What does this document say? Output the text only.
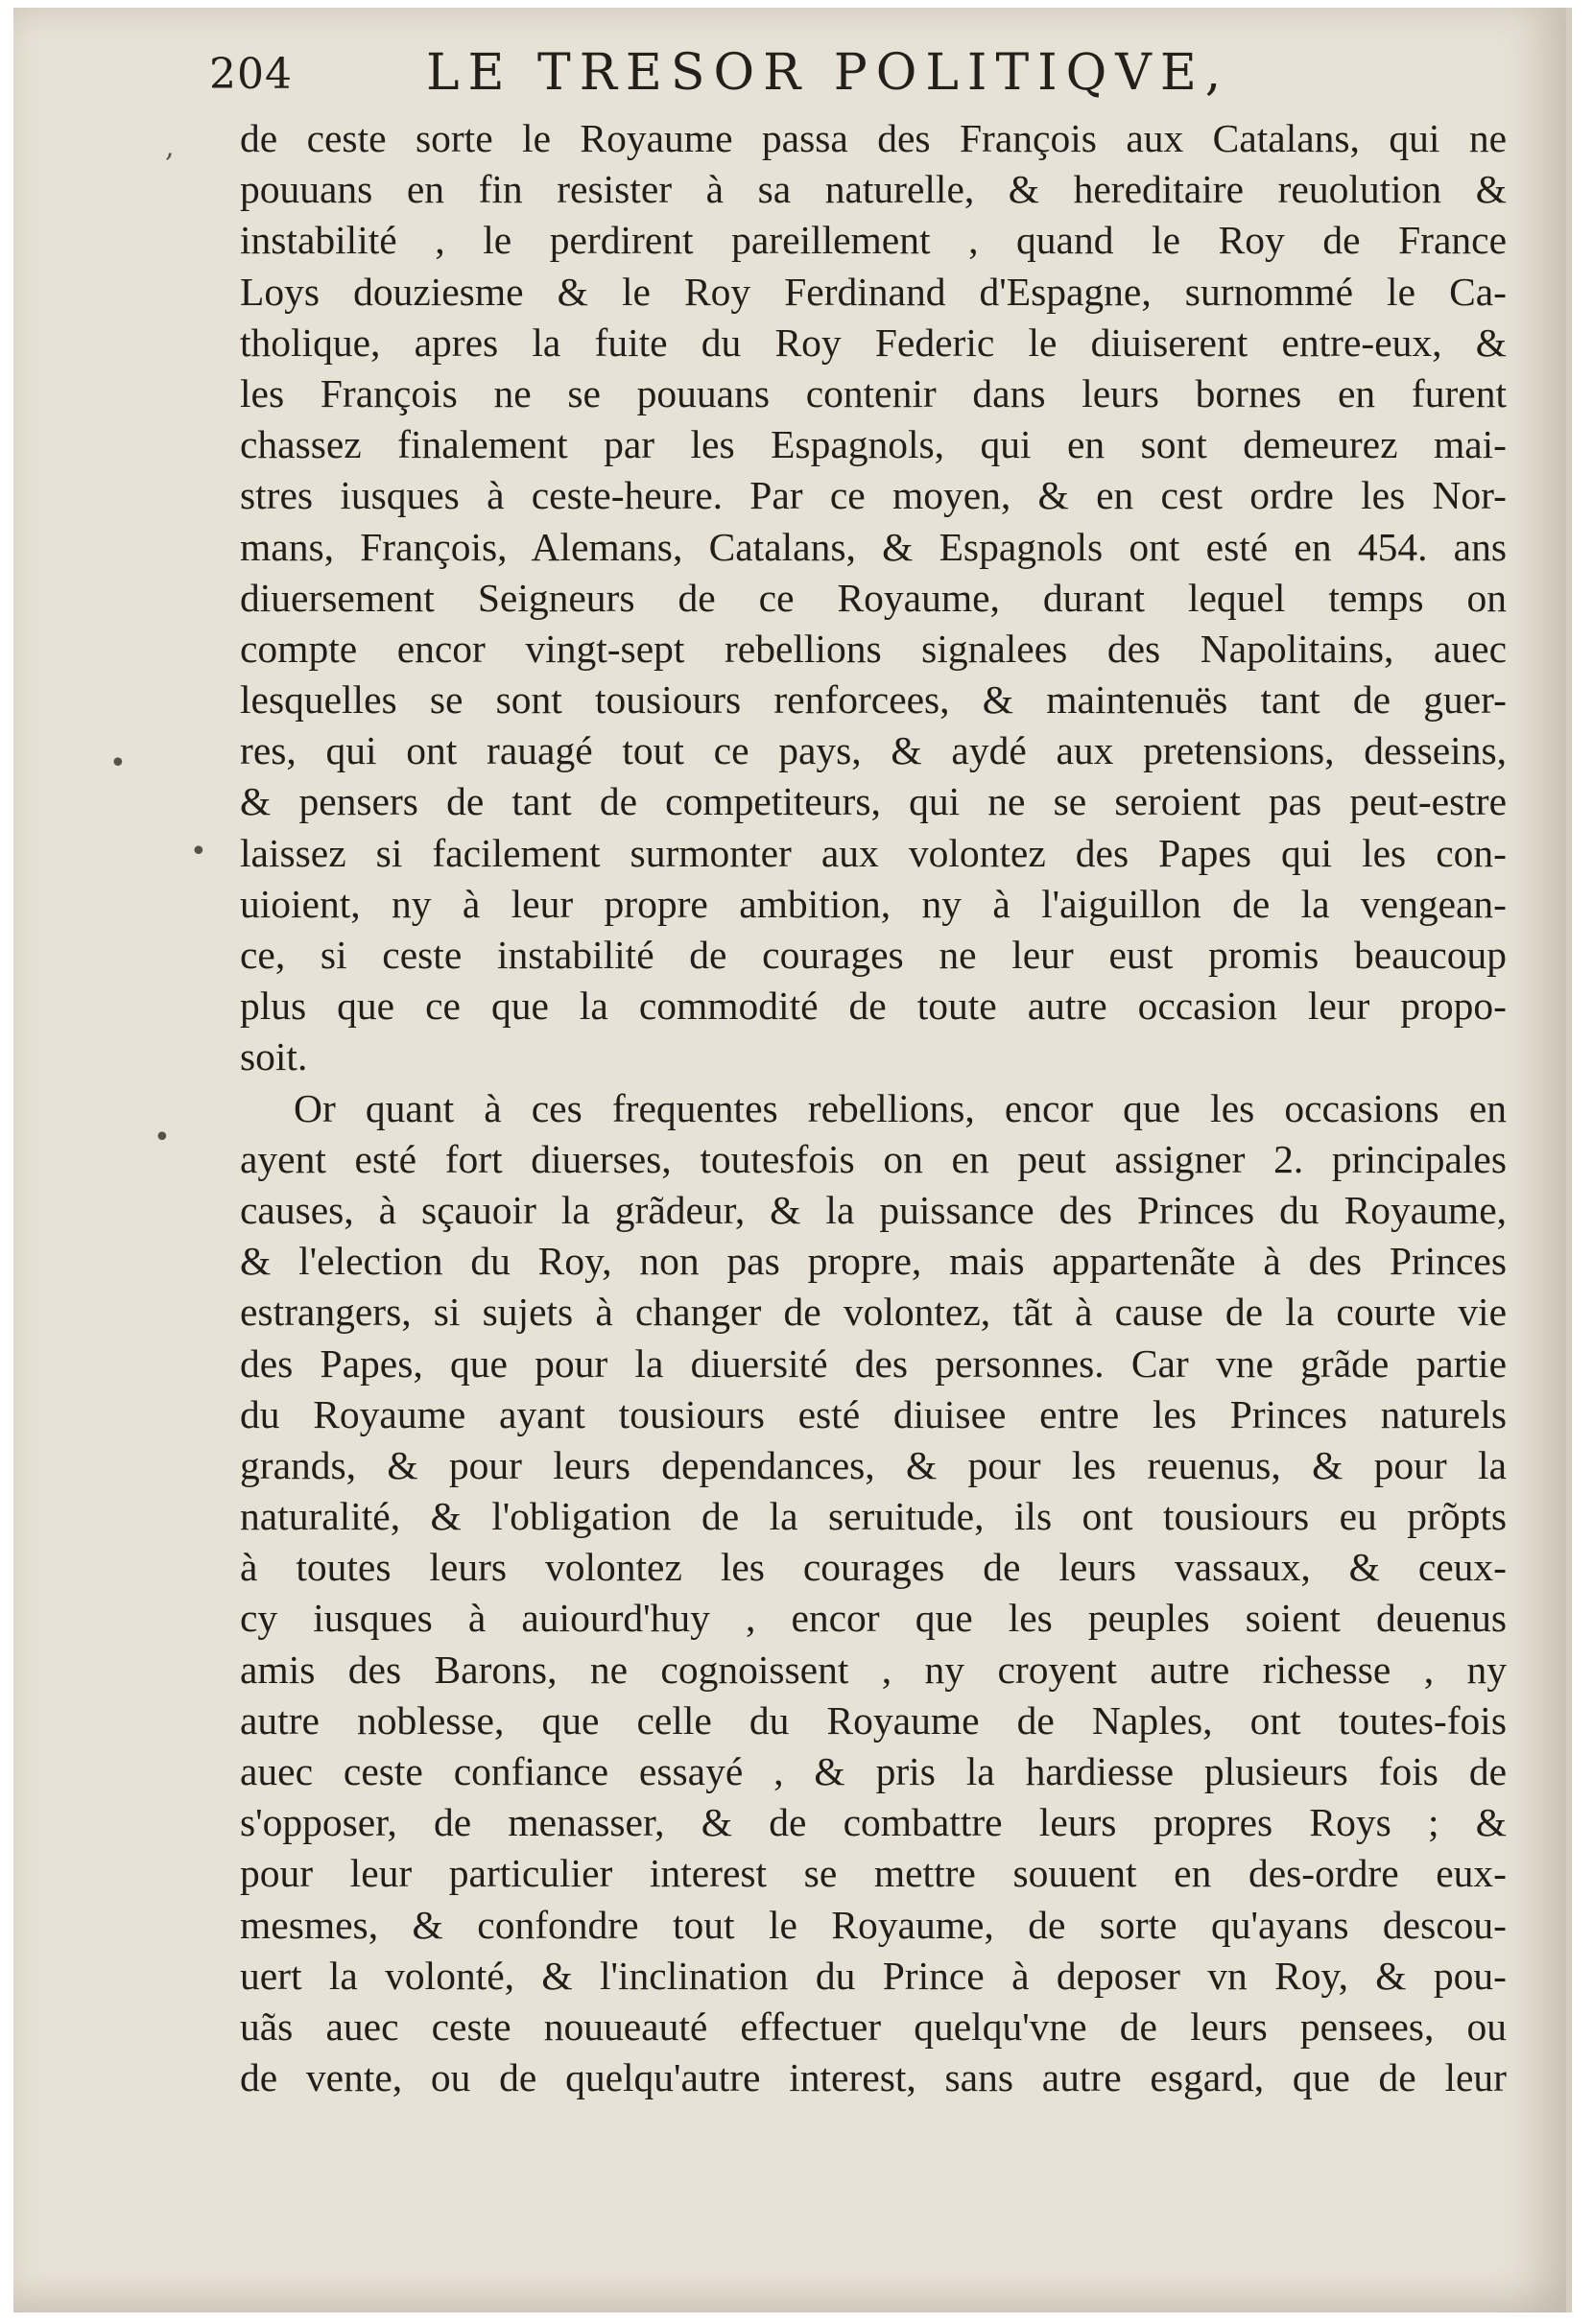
204	LE TRESOR POLITIQVE,
,
•
•
•
de ceste sorte le Royaume passa des François aux Catalans, qui ne
pouuans en fin resister à sa naturelle, & hereditaire reuolution &
instabilité , le perdirent pareillement , quand le Roy de France
Loys douziesme & le Roy Ferdinand d'Espagne, surnommé le Ca-
tholique, apres la fuite du Roy Federic le diuiserent entre-eux, &
les François ne se pouuans contenir dans leurs bornes en furent
chassez finalement par les Espagnols, qui en sont demeurez mai-
stres iusques à ceste-heure. Par ce moyen, & en cest ordre les Nor-
mans, François, Alemans, Catalans, & Espagnols ont esté en 454. ans
diuersement Seigneurs de ce Royaume, durant lequel temps on
compte encor vingt-sept rebellions signalees des Napolitains, auec
lesquelles se sont tousiours renforcees, & maintenuës tant de guer-
res, qui ont rauagé tout ce pays, & aydé aux pretensions, desseins,
& pensers de tant de competiteurs, qui ne se seroient pas peut-estre
laissez si facilement surmonter aux volontez des Papes qui les con-
uioient, ny à leur propre ambition, ny à l'aiguillon de la vengean-
ce, si ceste instabilité de courages ne leur eust promis beaucoup
plus que ce que la commodité de toute autre occasion leur propo-
soit.
Or quant à ces frequentes rebellions, encor que les occasions en
ayent esté fort diuerses, toutesfois on en peut assigner 2. principales
causes, à sçauoir la grãdeur, & la puissance des Princes du Royaume,
& l'election du Roy, non pas propre, mais appartenãte à des Princes
estrangers, si sujets à changer de volontez, tãt à cause de la courte vie
des Papes, que pour la diuersité des personnes. Car vne grãde partie
du Royaume ayant tousiours esté diuisee entre les Princes naturels
grands, & pour leurs dependances, & pour les reuenus, & pour la
naturalité, & l'obligation de la seruitude, ils ont tousiours eu prõpts
à toutes leurs volontez les courages de leurs vassaux, & ceux-
cy iusques à auiourd'huy , encor que les peuples soient deuenus
amis des Barons, ne cognoissent , ny croyent autre richesse , ny
autre noblesse, que celle du Royaume de Naples, ont toutes-fois
auec ceste confiance essayé , & pris la hardiesse plusieurs fois de
s'opposer, de menasser, & de combattre leurs propres Roys ; &
pour leur particulier interest se mettre souuent en des-ordre eux-
mesmes, & confondre tout le Royaume, de sorte qu'ayans descou-
uert la volonté, & l'inclination du Prince à deposer vn Roy, & pou-
uãs auec ceste nouueauté effectuer quelqu'vne de leurs pensees, ou
de vente, ou de quelqu'autre interest, sans autre esgard, que de leur
